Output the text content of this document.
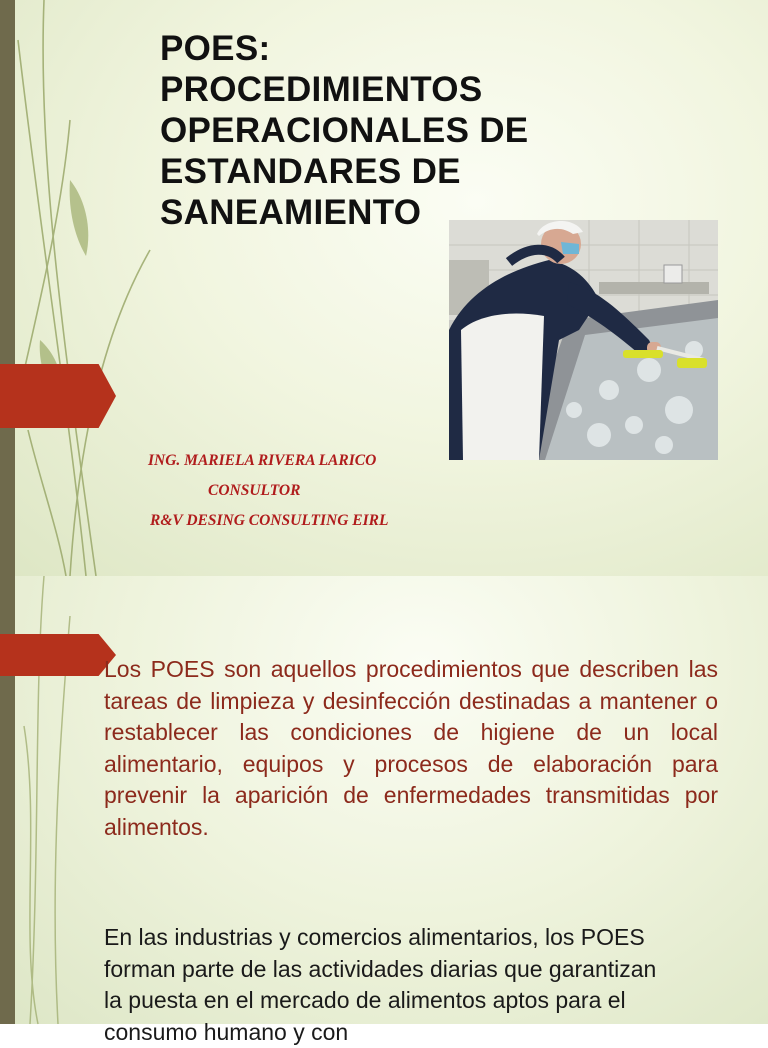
POES:
PROCEDIMIENTOS
OPERACIONALES DE
ESTANDARES DE
SANEAMIENTO

ING. MARIELA RIVERA LARICO

CONSULTOR

R&V DESING CONSULTING EIRL

Los POES son aquellos procedimientos que describen las tareas de limpieza y desinfección destinadas a mantener o restablecer las condiciones de higiene de un local alimentario, equipos y procesos de elaboración para prevenir la aparición de enfermedades transmitidas por alimentos.

En las industrias y comercios alimentarios, los POES forman parte de las actividades diarias que garantizan la puesta en el mercado de alimentos aptos para el consumo humano y con
